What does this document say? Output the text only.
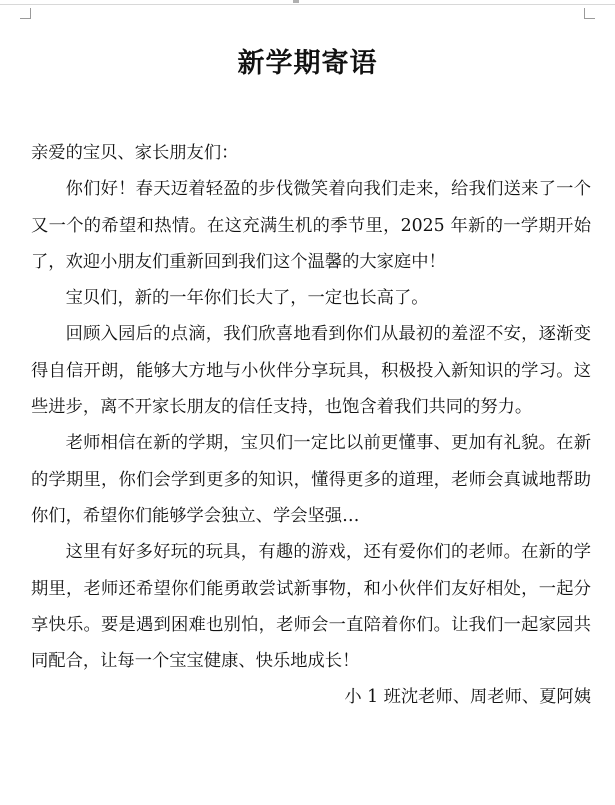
新学期寄语

亲爱的宝贝、家长朋友们：

你们好！春天迈着轻盈的步伐微笑着向我们走来，给我们送来了一个又一个的希望和热情。在这充满生机的季节里，2025 年新的一学期开始了，欢迎小朋友们重新回到我们这个温馨的大家庭中！

宝贝们，新的一年你们长大了，一定也长高了。

回顾入园后的点滴，我们欣喜地看到你们从最初的羞涩不安，逐渐变得自信开朗，能够大方地与小伙伴分享玩具，积极投入新知识的学习。这些进步，离不开家长朋友的信任支持，也饱含着我们共同的努力。

老师相信在新的学期，宝贝们一定比以前更懂事、更加有礼貌。在新的学期里，你们会学到更多的知识，懂得更多的道理，老师会真诚地帮助你们，希望你们能够学会独立、学会坚强…

这里有好多好玩的玩具，有趣的游戏，还有爱你们的老师。在新的学期里，老师还希望你们能勇敢尝试新事物，和小伙伴们友好相处，一起分享快乐。要是遇到困难也别怕，老师会一直陪着你们。让我们一起家园共同配合，让每一个宝宝健康、快乐地成长！

小 1 班沈老师、周老师、夏阿姨
